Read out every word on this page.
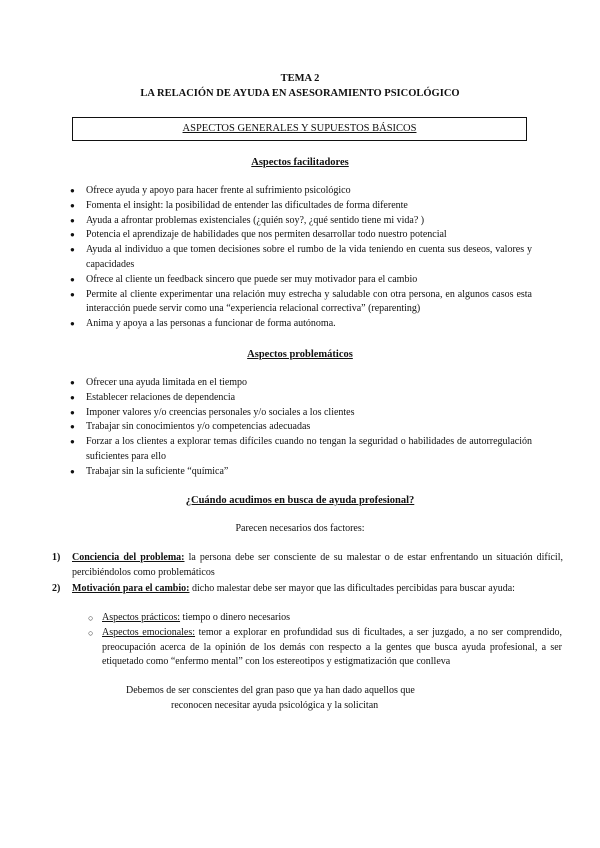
TEMA 2
LA RELACIÓN DE AYUDA EN ASESORAMIENTO PSICOLÓGICO
ASPECTOS GENERALES Y SUPUESTOS BÁSICOS
Aspectos facilitadores
● Ofrece ayuda y apoyo para hacer frente al sufrimiento psicológico
● Fomenta el insight: la posibilidad de entender las dificultades de forma diferente
● Ayuda a afrontar problemas existenciales (¿quién soy?, ¿qué sentido tiene mi vida? )
● Potencia el aprendizaje de habilidades que nos permiten desarrollar todo nuestro potencial
● Ayuda al individuo a que tomen decisiones sobre el rumbo de la vida teniendo en cuenta sus deseos, valores y capacidades
● Ofrece al cliente un feedback sincero que puede ser muy motivador para el cambio
● Permite al cliente experimentar una relación muy estrecha y saludable con otra persona, en algunos casos esta interacción puede servir como una “experiencia relacional correctiva” (reparenting)
● Anima y apoya a las personas a funcionar de forma autónoma.
Aspectos problemáticos
● Ofrecer una ayuda limitada en el tiempo
● Establecer relaciones de dependencia
● Imponer valores y/o creencias personales y/o sociales a los clientes
● Trabajar sin conocimientos y/o competencias adecuadas
● Forzar a los clientes a explorar temas difíciles cuando no tengan la seguridad o habilidades de autorregulación suficientes para ello
● Trabajar sin la suficiente “química”
¿Cuándo acudimos en busca de ayuda profesional?
Parecen necesarios dos factores:
1) Conciencia del problema: la persona debe ser consciente de su malestar o de estar enfrentando un situación difícil, percibiéndolos como problemáticos
2) Motivación para el cambio: dicho malestar debe ser mayor que las dificultades percibidas para buscar ayuda:
○ Aspectos prácticos: tiempo o dinero necesarios
○ Aspectos emocionales: temor a explorar en profundidad sus di ficultades, a ser juzgado, a no ser comprendido, preocupación acerca de la opinión de los demás con respecto a la gentes que busca ayuda profesional, a ser etiquetado como “enfermo mental” con los estereotipos y estigmatización que conlleva
Debemos de ser conscientes del gran paso que ya han dado aquellos que
reconocen necesitar ayuda psicológica y la solicitan
